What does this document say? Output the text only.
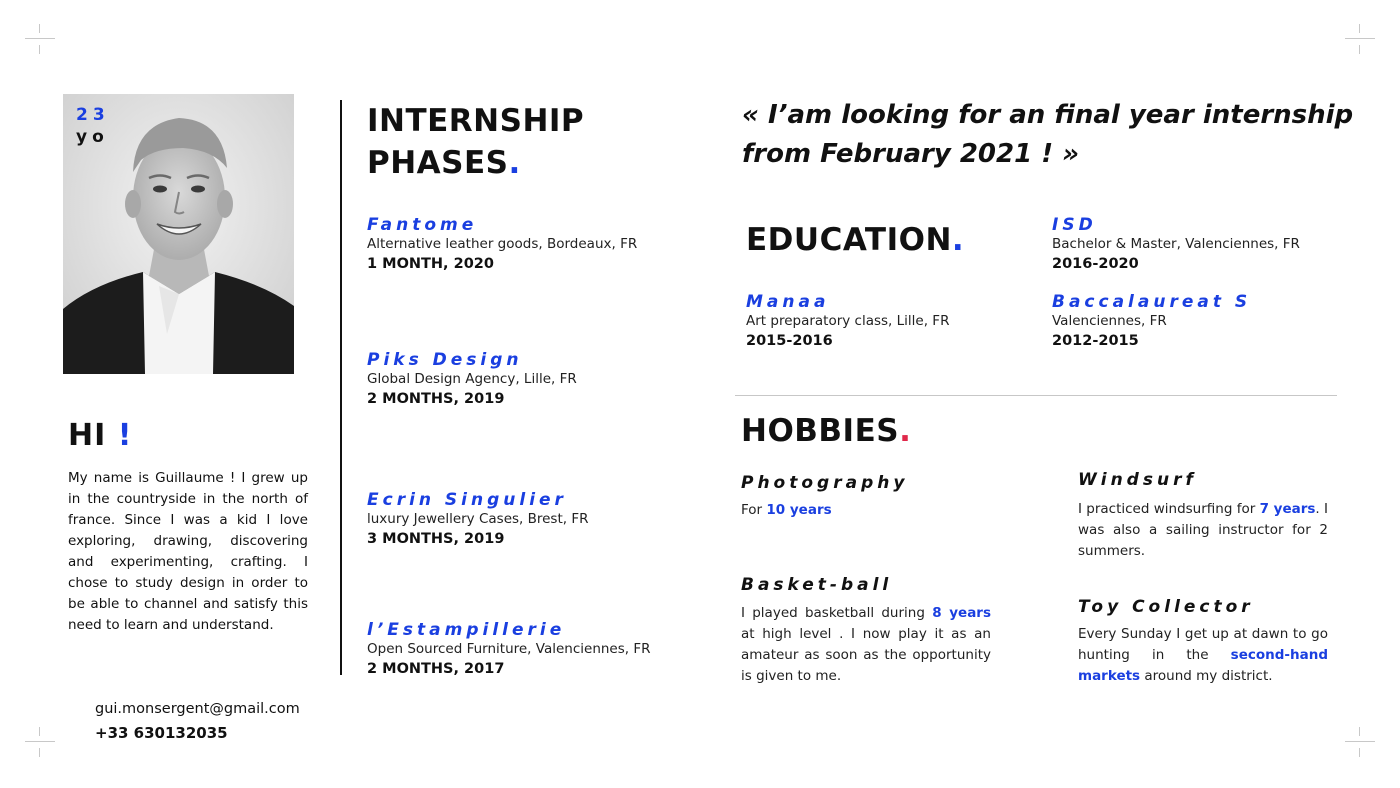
23
yo
HI !
My name is Guillaume ! I grew up in the countryside in the north of france. Since I was a kid I love exploring, drawing, discovering and experimenting, crafting. I chose to study design in order to be able to channel and satisfy this need to learn and understand.
gui.monsergent@gmail.com
+33 630132035
INTERNSHIP
PHASES.
Fantome
Alternative leather goods, Bordeaux, FR
1 MONTH, 2020
Piks Design
Global Design Agency, Lille, FR
2 MONTHS, 2019
Ecrin Singulier
luxury Jewellery Cases, Brest, FR
3 MONTHS, 2019
l’Estampillerie
Open Sourced Furniture, Valenciennes, FR
2 MONTHS, 2017
« I’am looking for an final year internship from February 2021 ! »
EDUCATION.	ISD
Bachelor & Master, Valenciennes, FR
2016-2020
Manaa
Art preparatory class, Lille, FR
2015-2016
Baccalaureat S
Valenciennes, FR
2012-2015
HOBBIES.
Photography
For 10 years
Windsurf
I practiced windsurfing for 7 years. I was also a sailing instructor for 2 summers.
Basket-ball
I played basketball during 8 years at high level . I now play it as an amateur as soon as the opportunity is given to me.
Toy Collector
Every Sunday I get up at dawn to go hunting in the second-hand markets around my district.
